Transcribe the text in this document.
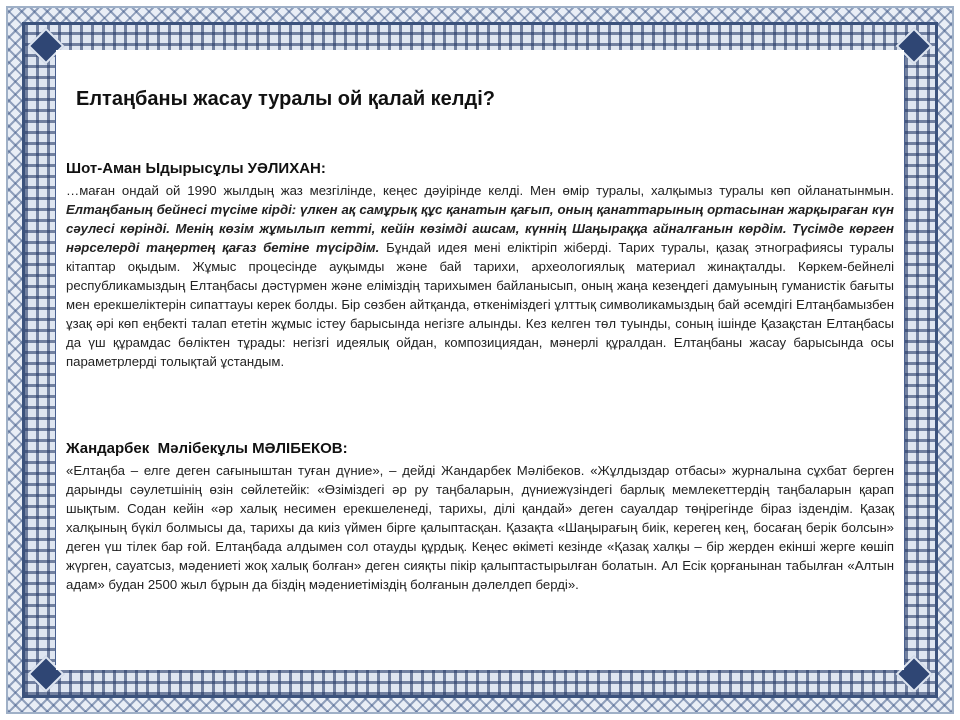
Елтаңбаны жасау туралы ой қалай келді?

Шот-Аман Ыдырысұлы УӘЛИХАН:

…маған ондай ой 1990 жылдың жаз мезгілінде, кеңес дәуірінде келді. Мен өмір туралы, халқымыз туралы көп ойланатынмын. Елтаңбаның бейнесі түсіме кірді: үлкен ақ самұрық құс қанатын қағып, оның қанаттарының ортасынан жарқыраған күн сәулесі көрінді. Менің көзім жұмылып кетті, кейін көзімді ашсам, күннің Шаңыраққа айналғанын көрдім. Түсімде көрген нәрселерді таңертең қағаз бетіне түсірдім. Бұндай идея мені еліктіріп жіберді. Тарих туралы, қазақ этнографиясы туралы кітаптар оқыдым. Жұмыс процесінде ауқымды және бай тарихи, археологиялық материал жинақталды. Көркем-бейнелі республикамыздың Елтаңбасы дәстүрмен және еліміздің тарихымен байланысып, оның жаңа кезеңдегі дамуының гуманистік бағыты мен ерекшеліктерін сипаттауы керек болды. Бір сөзбен айтқанда, өткеніміздегі ұлттық символикамыздың бай әсемдігі Елтаңбамызбен ұзақ әрі көп еңбекті талап ететін жұмыс істеу барысында негізге алынды. Кез келген төл туынды, соның ішінде Қазақстан Елтаңбасы да үш құрамдас бөліктен тұрады: негізгі идеялық ойдан, композициядан, мәнерлі құралдан. Елтаңбаны жасау барысында осы параметрлерді толықтай ұстандым.

Жандарбек  Мәлібекұлы МӘЛІБЕКОВ:

«Елтаңба – елге деген сағыныштан туған дүние», – дейді Жандарбек Мәлібеков. «Жұлдыздар отбасы» журналына сұхбат берген дарынды сәулетшінің өзін сөйлетейік: «Өзіміздегі әр ру таңбаларын, дүниежүзіндегі барлық мемлекеттердің таңбаларын қарап шықтым. Содан кейін «әр халық несимен ерекшеленеді, тарихы, ділі қандай» деген сауалдар төңірегінде біраз іздендім. Қазақ халқының бүкіл болмысы да, тарихы да киіз үймен бірге қалыптасқан. Қазақта «Шаңырағың биік, керегең кең, босағаң берік болсын» деген үш тілек бар ғой. Елтаңбада алдымен сол отауды құрдық. Кеңес өкіметі кезінде «Қазақ халқы – бір жерден екінші жерге көшіп жүрген, сауатсыз, мәдениеті жоқ халық болған» деген сияқты пікір қалыптастырылған болатын. Ал Есік қорғанынан табылған «Алтын адам» будан 2500 жыл бұрын да біздің мәдениетіміздің болғанын дәлелдеп берді».
